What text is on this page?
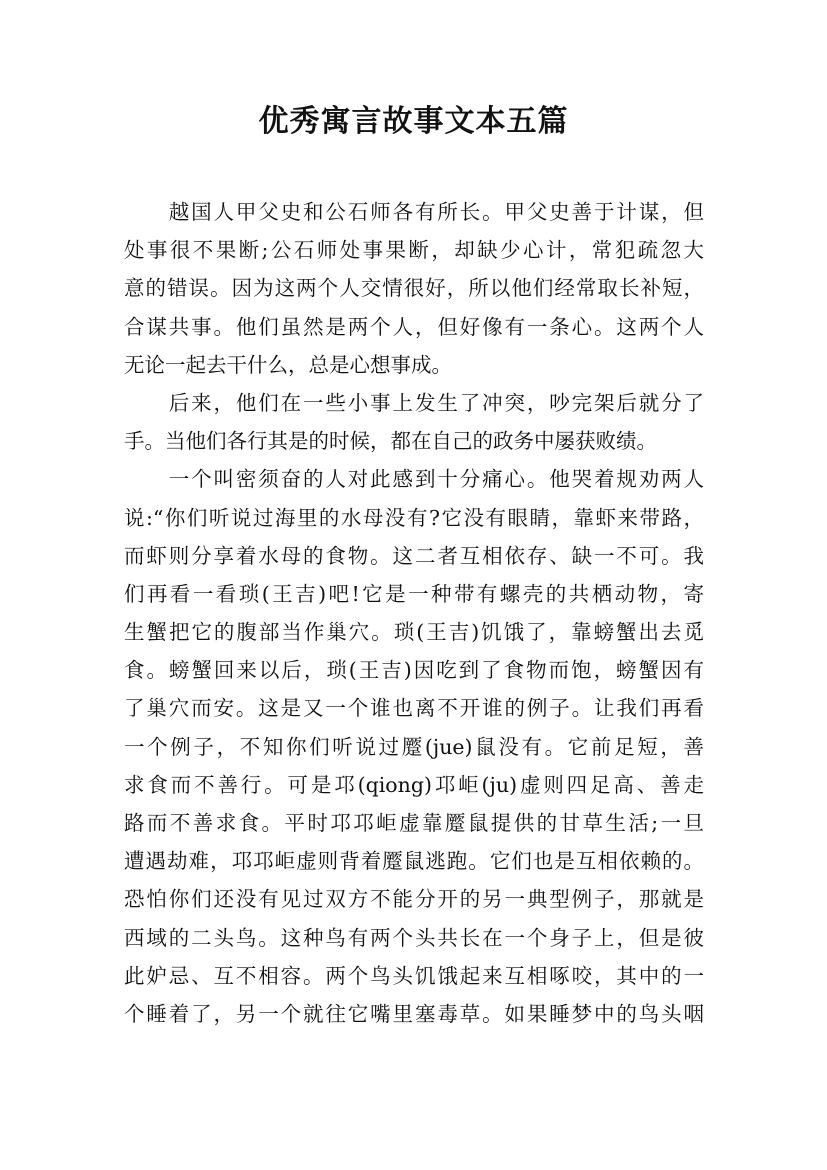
优秀寓言故事文本五篇
　　越国人甲父史和公石师各有所长。甲父史善于计谋，但
处事很不果断;公石师处事果断，却缺少心计，常犯疏忽大
意的错误。因为这两个人交情很好，所以他们经常取长补短，
合谋共事。他们虽然是两个人，但好像有一条心。这两个人
无论一起去干什么，总是心想事成。
　　后来，他们在一些小事上发生了冲突，吵完架后就分了
手。当他们各行其是的时候，都在自己的政务中屡获败绩。
　　一个叫密须奋的人对此感到十分痛心。他哭着规劝两人
说:“你们听说过海里的水母没有?它没有眼睛，靠虾来带路，
而虾则分享着水母的食物。这二者互相依存、缺一不可。我
们再看一看琐(王吉)吧!它是一种带有螺壳的共栖动物，寄
生蟹把它的腹部当作巢穴。琐(王吉)饥饿了，靠螃蟹出去觅
食。螃蟹回来以后，琐(王吉)因吃到了食物而饱，螃蟹因有
了巢穴而安。这是又一个谁也离不开谁的例子。让我们再看
一个例子，不知你们听说过蹷(jue)鼠没有。它前足短，善
求食而不善行。可是邛(qiong)邛岠(ju)虚则四足高、善走
路而不善求食。平时邛邛岠虚靠蹷鼠提供的甘草生活;一旦
遭遇劫难，邛邛岠虚则背着蹷鼠逃跑。它们也是互相依赖的。
恐怕你们还没有见过双方不能分开的另一典型例子，那就是
西域的二头鸟。这种鸟有两个头共长在一个身子上，但是彼
此妒忌、互不相容。两个鸟头饥饿起来互相啄咬，其中的一
个睡着了，另一个就往它嘴里塞毒草。如果睡梦中的鸟头咽
